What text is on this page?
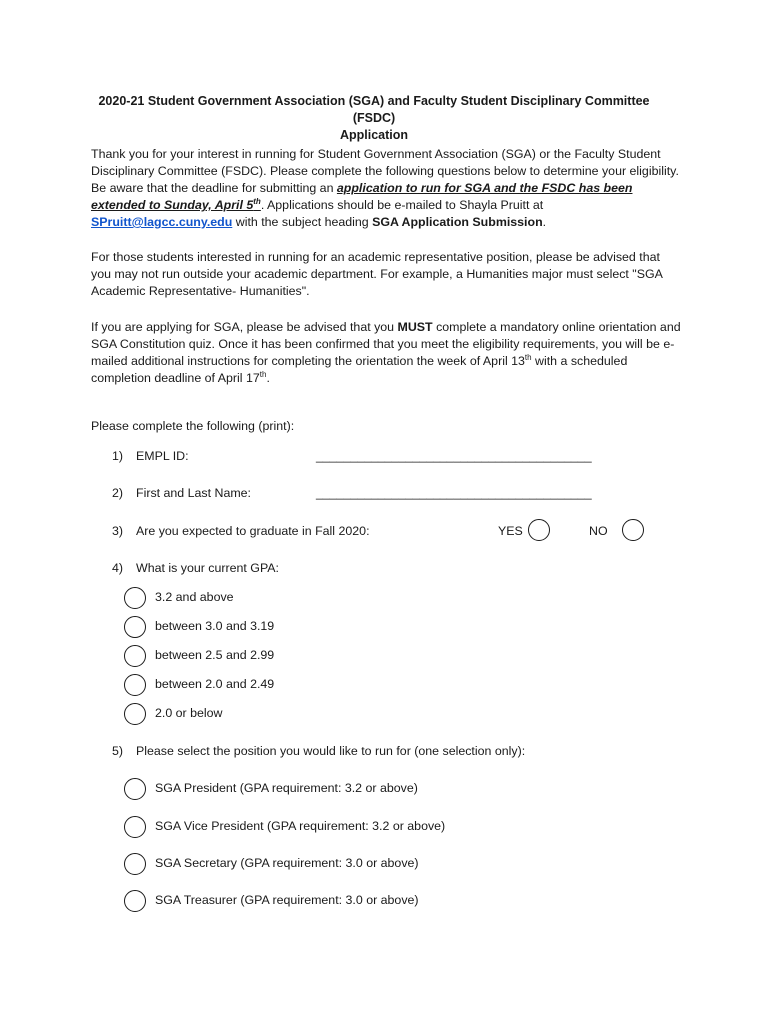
2020-21 Student Government Association (SGA) and Faculty Student Disciplinary Committee (FSDC)
Application
Thank you for your interest in running for Student Government Association (SGA) or the Faculty Student Disciplinary Committee (FSDC). Please complete the following questions below to determine your eligibility. Be aware that the deadline for submitting an application to run for SGA and the FSDC has been extended to Sunday, April 5th. Applications should be e-mailed to Shayla Pruitt at SPruitt@lagcc.cuny.edu with the subject heading SGA Application Submission.
For those students interested in running for an academic representative position, please be advised that you may not run outside your academic department. For example, a Humanities major must select "SGA Academic Representative- Humanities".
If you are applying for SGA, please be advised that you MUST complete a mandatory online orientation and SGA Constitution quiz. Once it has been confirmed that you meet the eligibility requirements, you will be e-mailed additional instructions for completing the orientation the week of April 13th with a scheduled completion deadline of April 17th.
Please complete the following (print):
1) EMPL ID:	________________________________________
2) First and Last Name:	________________________________________
3) Are you expected to graduate in Fall 2020:	YES	NO
4) What is your current GPA:
3.2 and above
between 3.0 and 3.19
between 2.5 and 2.99
between 2.0 and 2.49
2.0 or below
5) Please select the position you would like to run for (one selection only):
SGA President (GPA requirement: 3.2 or above)
SGA Vice President (GPA requirement: 3.2 or above)
SGA Secretary (GPA requirement: 3.0 or above)
SGA Treasurer (GPA requirement: 3.0 or above)
